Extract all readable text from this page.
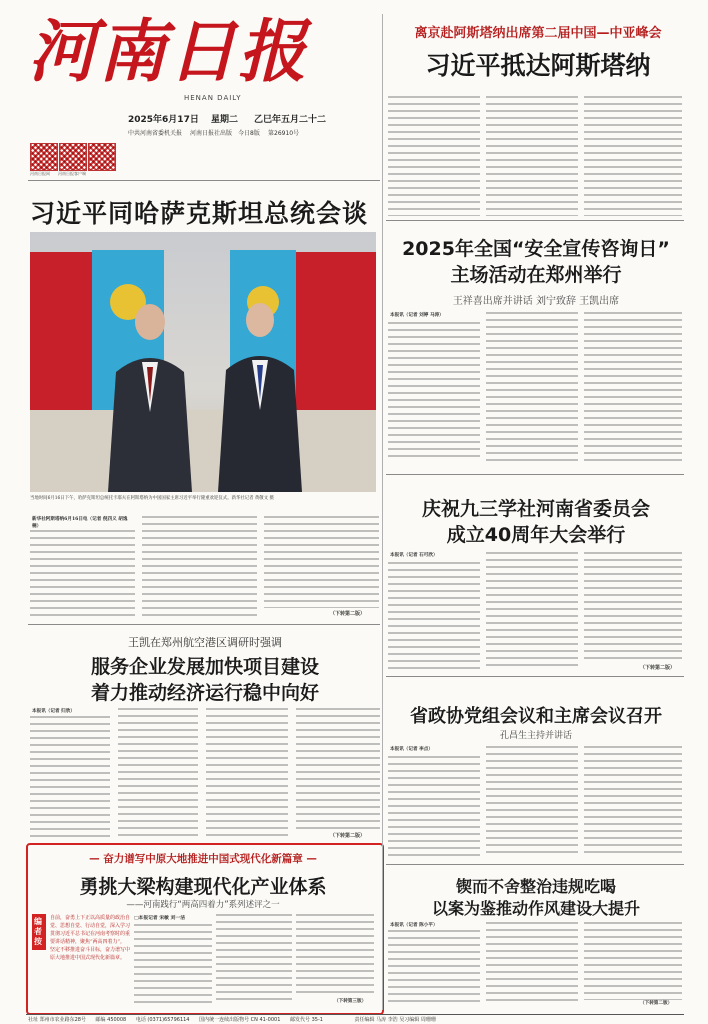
河南日报
HENAN DAILY
2025年6月17日 星期二 乙巳年五月二十二
中共河南省委机关报 河南日报社出版 今日8版 第26910号
河南日报网 河南日报客户端
离京赴阿斯塔纳出席第二届中国—中亚峰会
习近平抵达阿斯塔纳
习近平同哈萨克斯坦总统会谈
当地时间6月16日下午，哈萨克斯坦总统托卡耶夫在阿斯塔纳为中国国家主席习近平举行隆重欢迎仪式。新华社记者 黄敬文 摄
新华社阿斯塔纳6月16日电（记者 倪四义 胡逸楠）
（下转第二版）
2025年全国“安全宣传咨询日”
主场活动在郑州举行
王祥喜出席并讲话 刘宁致辞 王凯出席
本报讯（记者 刘婷 马涛）
庆祝九三学社河南省委员会
成立40周年大会举行
本报讯（记者 石可欣）
（下转第二版）
王凯在郑州航空港区调研时强调
服务企业发展加快项目建设
着力推动经济运行稳中向好
本报讯（记者 归欣）
（下转第二版）
省政协党组会议和主席会议召开
孔昌生主持并讲话
本报讯（记者 李点）
— 奋力谱写中原大地推进中国式现代化新篇章 —
勇挑大梁构建现代化产业体系
——河南践行“两高四着力”系列述评之一
编者按
自前，奋勇上下正以高质量的政治自觉、思想自觉、行动自觉，深入学习贯彻习近平总书记在河南考察时的重要讲话精神，聚焦“两高四着力”，坚定不移推进奋斗目标，奋力谱写中原大地推进中国式现代化新篇章。
□本报记者 宋敏 刘一洁
（下转第三版）
锲而不舍整治违规吃喝
以案为鉴推动作风建设大提升
本报讯（记者 陈小平）
（下转第二版）
社址 郑州市农业路东28号 邮编 450008 电话 (0371)65796114 国内统一连续出版物号 CN 41-0001 邮发代号 35-1	责任编辑 马涛 李浩 吴习编辑 周珊珊
